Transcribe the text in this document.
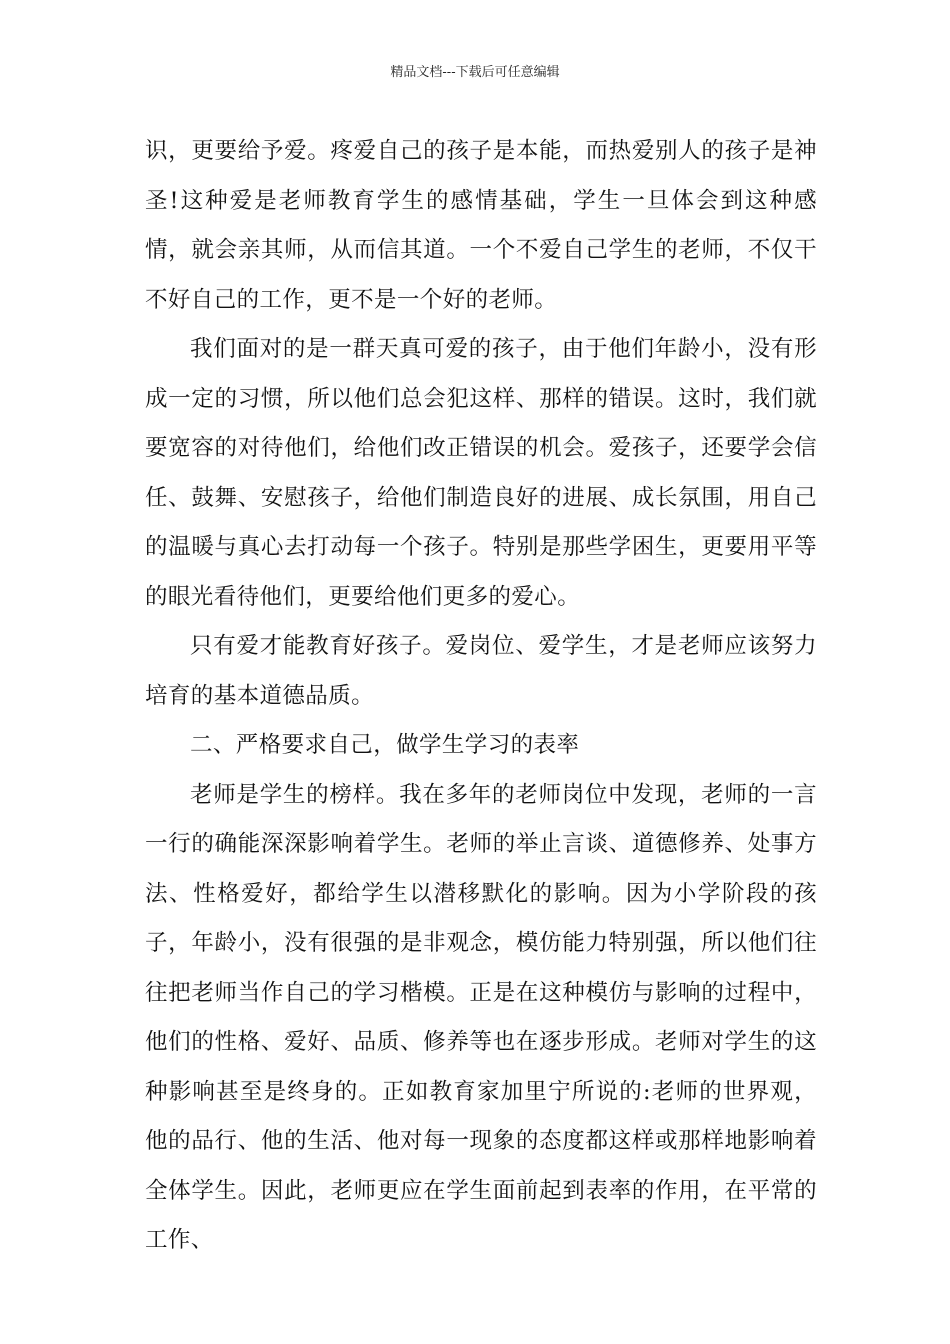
精品文档---下载后可任意编辑

识，更要给予爱。疼爱自己的孩子是本能，而热爱别人的孩子是神圣!这种爱是老师教育学生的感情基础，学生一旦体会到这种感情，就会亲其师，从而信其道。一个不爱自己学生的老师，不仅干不好自己的工作，更不是一个好的老师。

我们面对的是一群天真可爱的孩子，由于他们年龄小，没有形成一定的习惯，所以他们总会犯这样、那样的错误。这时，我们就要宽容的对待他们，给他们改正错误的机会。爱孩子，还要学会信任、鼓舞、安慰孩子，给他们制造良好的进展、成长氛围，用自己的温暖与真心去打动每一个孩子。特别是那些学困生，更要用平等的眼光看待他们，更要给他们更多的爱心。

只有爱才能教育好孩子。爱岗位、爱学生，才是老师应该努力培育的基本道德品质。

二、严格要求自己，做学生学习的表率

老师是学生的榜样。我在多年的老师岗位中发现，老师的一言一行的确能深深影响着学生。老师的举止言谈、道德修养、处事方法、性格爱好，都给学生以潜移默化的影响。因为小学阶段的孩子，年龄小，没有很强的是非观念，模仿能力特别强，所以他们往往把老师当作自己的学习楷模。正是在这种模仿与影响的过程中，他们的性格、爱好、品质、修养等也在逐步形成。老师对学生的这种影响甚至是终身的。正如教育家加里宁所说的:老师的世界观，他的品行、他的生活、他对每一现象的态度都这样或那样地影响着全体学生。因此，老师更应在学生面前起到表率的作用，在平常的工作、
